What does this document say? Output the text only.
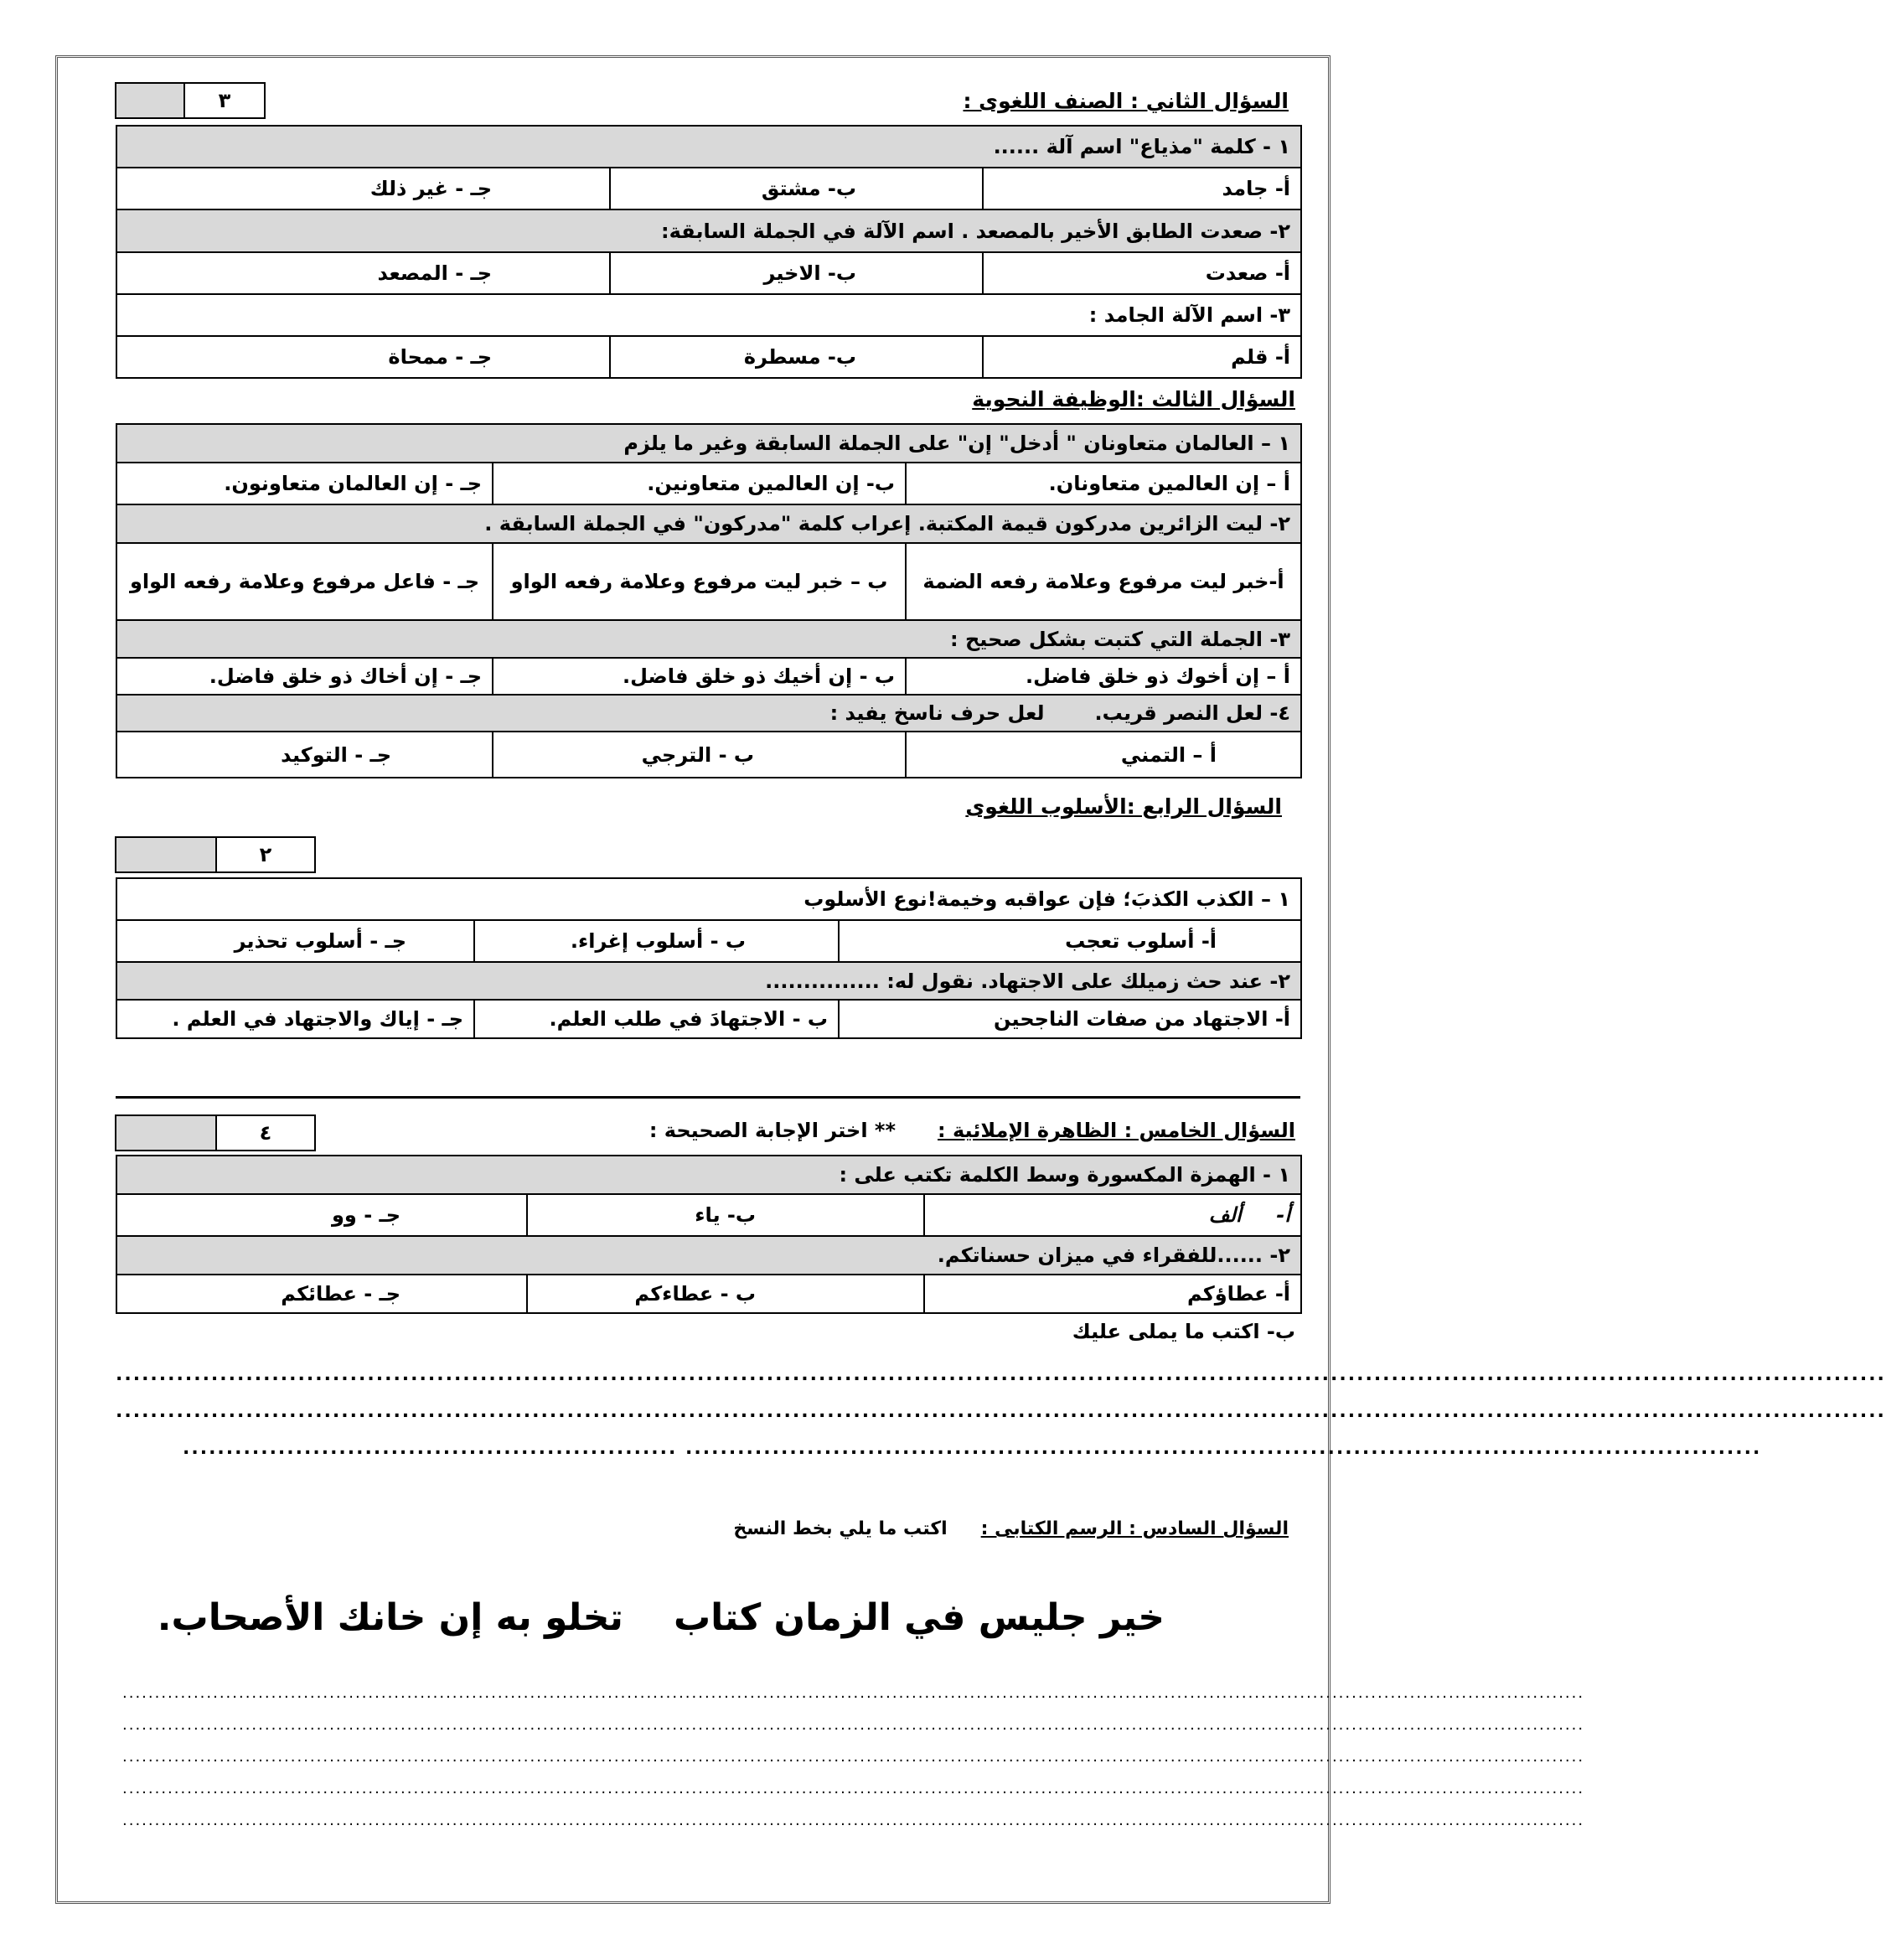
السؤال الثاني : الصنف اللغوى :
٣
١ - كلمة "مذياع" اسم آلة ......		
أ- جامد	ب- مشتق	جـ - غير ذلك
٢- صعدت الطابق الأخير بالمصعد . اسم الآلة في الجملة السابقة:		
أ- صعدت	ب- الاخير	جـ - المصعد
٣- اسم الآلة الجامد :		
أ- قلم	ب- مسطرة	جـ - ممحاة
السؤال الثالث :الوظيفة النحوية
١ – العالمان متعاونان " أدخل" إن" على الجملة السابقة وغير ما يلزم		
أ – إن العالمين متعاونان.	ب- إن العالمين متعاونين.	جـ - إن العالمان متعاونون.
٢- ليت الزائرين مدركون قيمة المكتبة. إعراب كلمة "مدركون" في الجملة السابقة .		
أ-خبر ليت مرفوع وعلامة رفعه الضمة	ب – خبر ليت مرفوع وعلامة رفعه الواو	جـ - فاعل مرفوع وعلامة رفعه الواو
٣- الجملة التي كتبت بشكل صحيح :		
أ – إن أخوك ذو خلق فاضل.	ب - إن أخيك ذو خلق فاضل.	جـ - إن أخاك ذو خلق فاضل.
٤- لعل النصر قريب.لعل حرف ناسخ يفيد :		
أ – التمني	ب - الترجي	جـ - التوكيد
السؤال الرابع :الأسلوب اللغوى
٢
١ – الكذب الكذبَ؛ فإن عواقبه وخيمة!نوع الأسلوب		
أ- أسلوب تعجب	ب - أسلوب إغراء.	جـ - أسلوب تحذير
٢- عند حث زميلك على الاجتهاد. نقول له: ...............		
أ- الاجتهاد من صفات الناجحين	ب - الاجتهادَ في طلب العلم.	جـ - إياك والاجتهاد في العلم .
السؤال الخامس : الظاهرة الإملائية :** اختر الإجابة الصحيحة :
٤
١ - الهمزة المكسورة وسط الكلمة تكتب على :		
أ-     ألف	ب- ياء	جـ - وو
٢- ......للفقراء في ميزان حسناتكم.		
أ- عطاؤكم	ب - عطاءكم	جـ - عطائكم
ب- اكتب ما يملى عليك
............................................................................................................................................................................................................
............................................................................................................................................................................................................
......................................................... ............................................................................................................................
السؤال السادس : الرسم الكتابى :اكتب ما يلي بخط النسخ
خير جليس في الزمان كتابتخلو به إن خانك الأصحاب.
..................................................................................................................................................................................................................................
..................................................................................................................................................................................................................................
..................................................................................................................................................................................................................................
..................................................................................................................................................................................................................................
..................................................................................................................................................................................................................................
